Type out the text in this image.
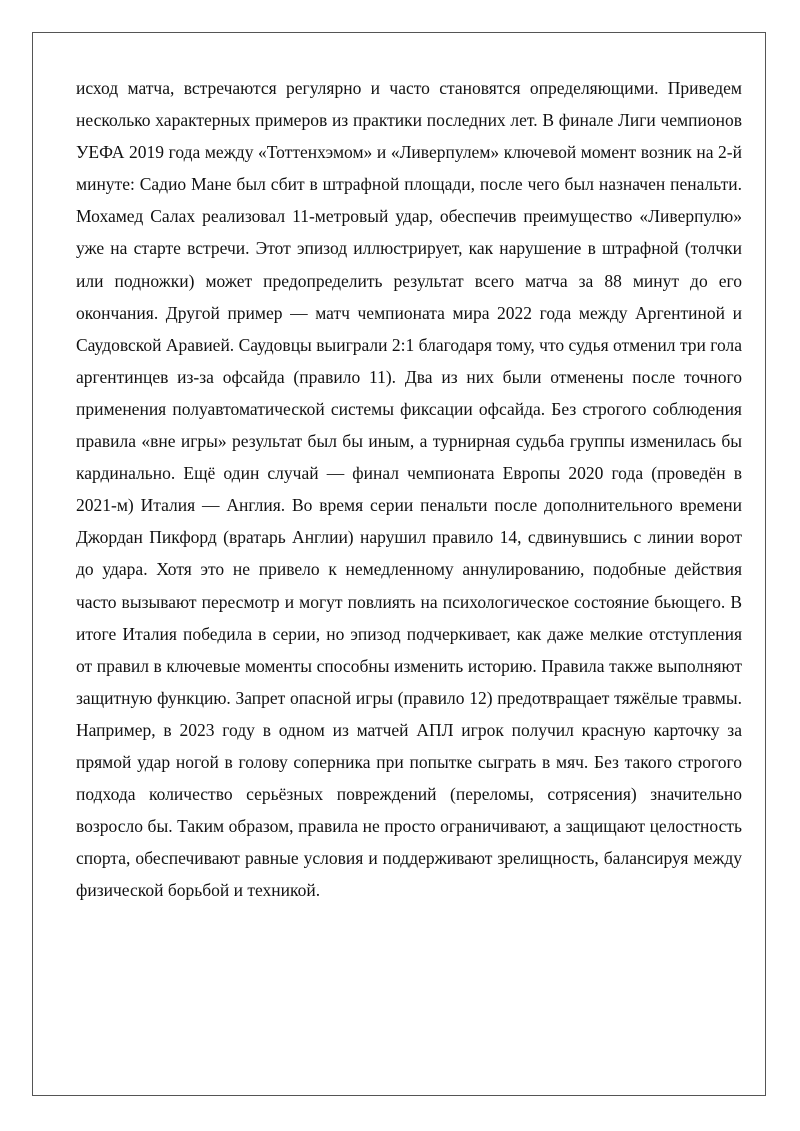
исход матча, встречаются регулярно и часто становятся определяющими. Приведем несколько характерных примеров из практики последних лет. В финале Лиги чемпионов УЕФА 2019 года между «Тоттенхэмом» и «Ливерпулем» ключевой момент возник на 2-й минуте: Садио Мане был сбит в штрафной площади, после чего был назначен пенальти. Мохамед Салах реализовал 11-метровый удар, обеспечив преимущество «Ливерпулю» уже на старте встречи. Этот эпизод иллюстрирует, как нарушение в штрафной (толчки или подножки) может предопределить результат всего матча за 88 минут до его окончания. Другой пример — матч чемпионата мира 2022 года между Аргентиной и Саудовской Аравией. Саудовцы выиграли 2:1 благодаря тому, что судья отменил три гола аргентинцев из-за офсайда (правило 11). Два из них были отменены после точного применения полуавтоматической системы фиксации офсайда. Без строгого соблюдения правила «вне игры» результат был бы иным, а турнирная судьба группы изменилась бы кардинально. Ещё один случай — финал чемпионата Европы 2020 года (проведён в 2021-м) Италия — Англия. Во время серии пенальти после дополнительного времени Джордан Пикфорд (вратарь Англии) нарушил правило 14, сдвинувшись с линии ворот до удара. Хотя это не привело к немедленному аннулированию, подобные действия часто вызывают пересмотр и могут повлиять на психологическое состояние бьющего. В итоге Италия победила в серии, но эпизод подчеркивает, как даже мелкие отступления от правил в ключевые моменты способны изменить историю. Правила также выполняют защитную функцию. Запрет опасной игры (правило 12) предотвращает тяжёлые травмы. Например, в 2023 году в одном из матчей АПЛ игрок получил красную карточку за прямой удар ногой в голову соперника при попытке сыграть в мяч. Без такого строгого подхода количество серьёзных повреждений (переломы, сотрясения) значительно возросло бы. Таким образом, правила не просто ограничивают, а защищают целостность спорта, обеспечивают равные условия и поддерживают зрелищность, балансируя между физической борьбой и техникой.
